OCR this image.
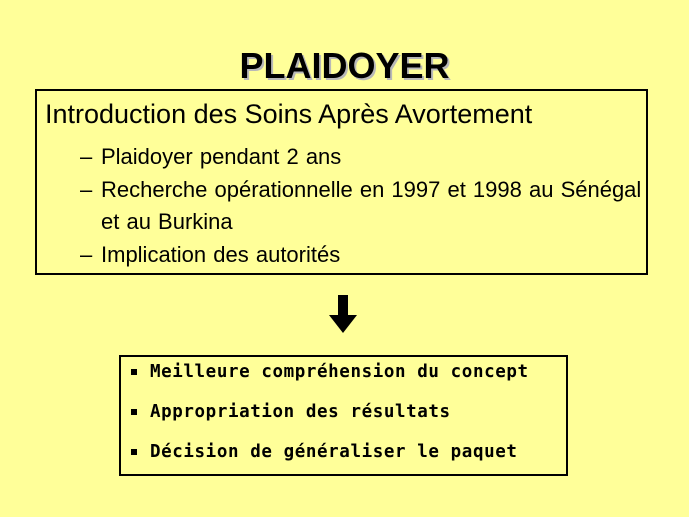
PLAIDOYER
Introduction des Soins Après Avortement
– Plaidoyer pendant 2 ans
– Recherche opérationnelle en 1997 et 1998 au Sénégal et au Burkina
– Implication des autorités
Meilleure compréhension du concept
Appropriation des résultats
Décision de généraliser le paquet
